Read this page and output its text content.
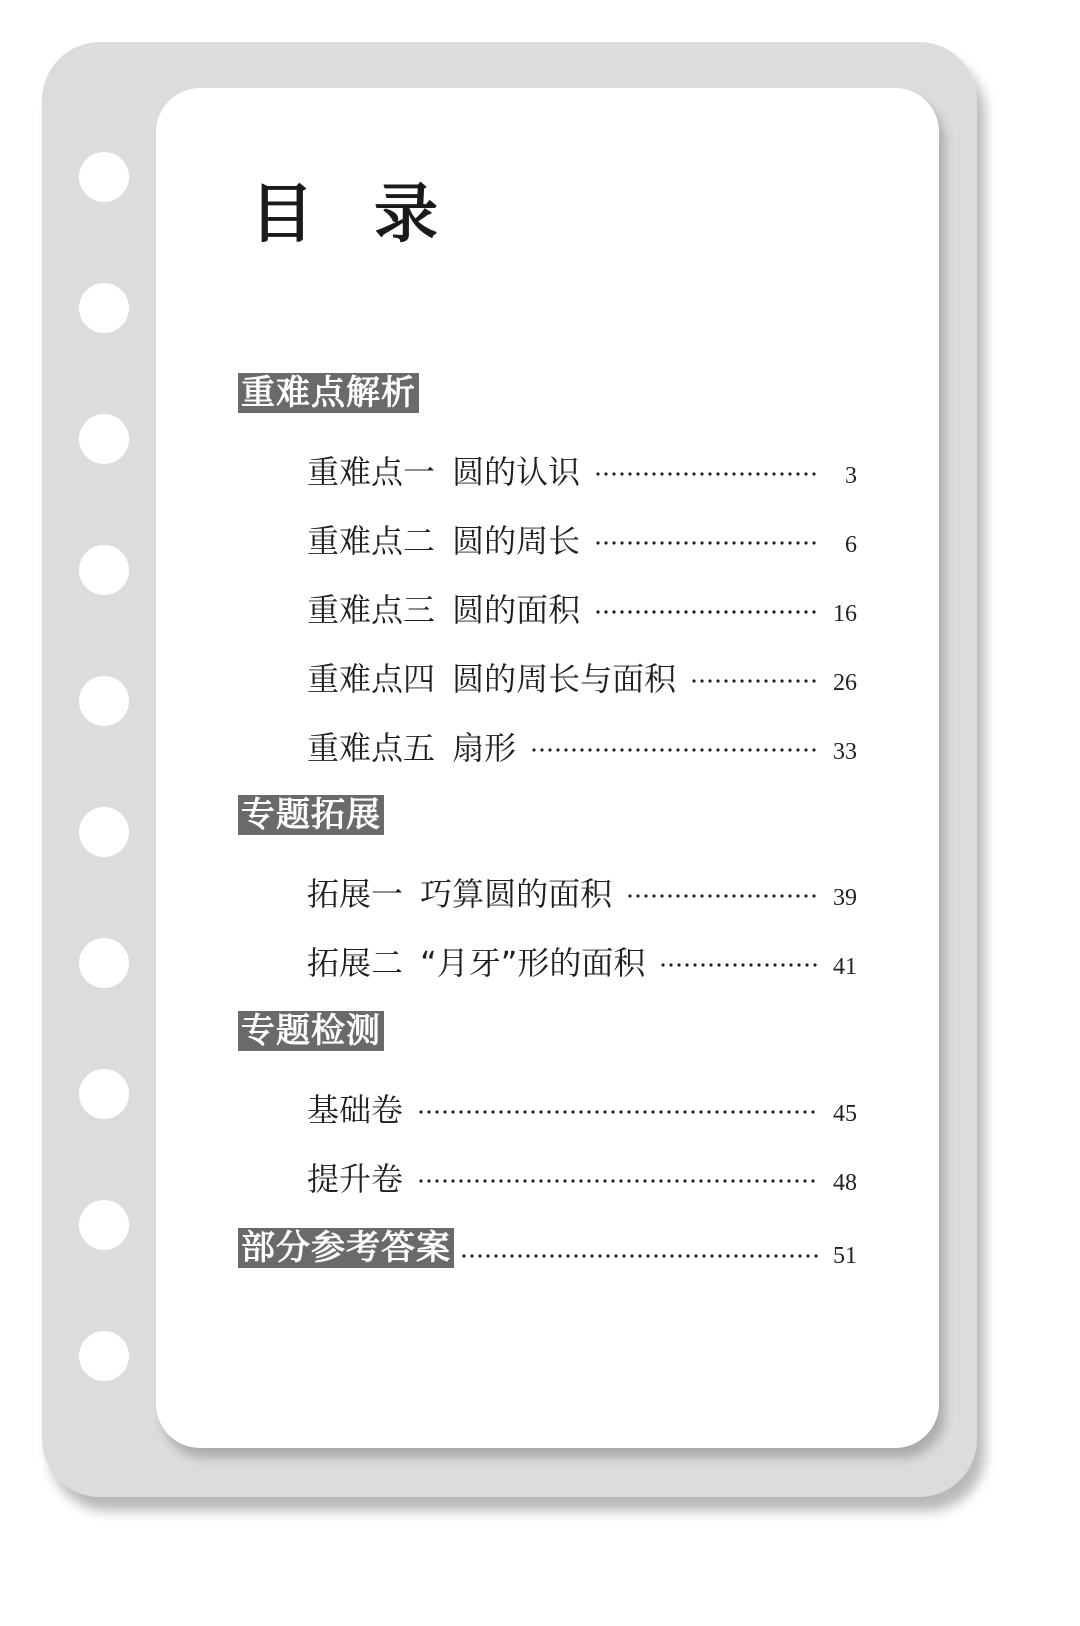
目录
重难点解析
重难点一 圆的认识	3
重难点二 圆的周长	6
重难点三 圆的面积	16
重难点四 圆的周长与面积	26
重难点五 扇形	33
专题拓展
拓展一 巧算圆的面积	39
拓展二 “月牙”形的面积	41
专题检测
基础卷	45
提升卷	48
部分参考答案	51
